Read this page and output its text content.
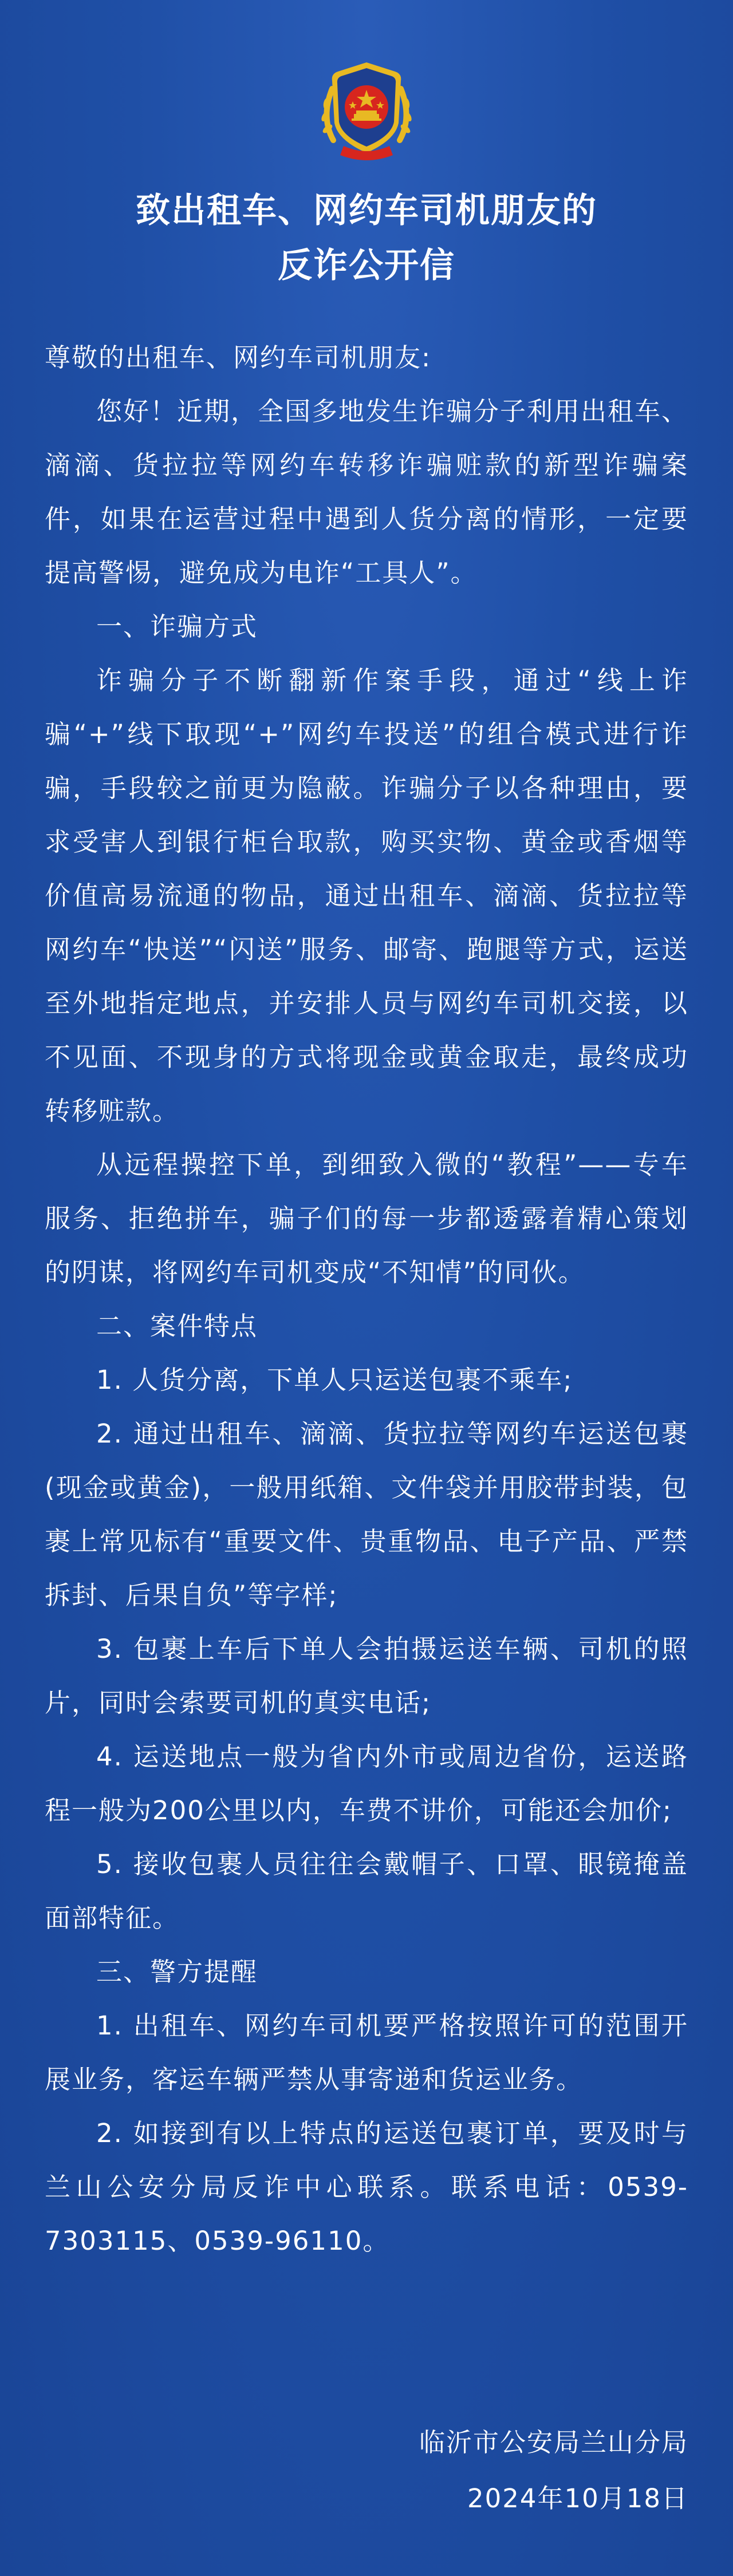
致出租车、网约车司机朋友的
反诈公开信

尊敬的出租车、网约车司机朋友:

您好！近期，全国多地发生诈骗分子利用出租车、滴滴、货拉拉等网约车转移诈骗赃款的新型诈骗案件，如果在运营过程中遇到人货分离的情形，一定要提高警惕，避免成为电诈“工具人”。

一、诈骗方式

诈骗分子不断翻新作案手段，通过“线上诈骗“+”线下取现“+”网约车投送”的组合模式进行诈骗，手段较之前更为隐蔽。诈骗分子以各种理由，要求受害人到银行柜台取款，购买实物、黄金或香烟等价值高易流通的物品，通过出租车、滴滴、货拉拉等网约车“快送”“闪送”服务、邮寄、跑腿等方式，运送至外地指定地点，并安排人员与网约车司机交接，以不见面、不现身的方式将现金或黄金取走，最终成功转移赃款。

从远程操控下单，到细致入微的“教程”——专车服务、拒绝拼车，骗子们的每一步都透露着精心策划的阴谋，将网约车司机变成“不知情”的同伙。

二、案件特点

1. 人货分离，下单人只运送包裹不乘车;

2. 通过出租车、滴滴、货拉拉等网约车运送包裹(现金或黄金)，一般用纸箱、文件袋并用胶带封装，包裹上常见标有“重要文件、贵重物品、电子产品、严禁拆封、后果自负”等字样;

3. 包裹上车后下单人会拍摄运送车辆、司机的照片，同时会索要司机的真实电话;

4. 运送地点一般为省内外市或周边省份，运送路程一般为200公里以内，车费不讲价，可能还会加价;

5. 接收包裹人员往往会戴帽子、口罩、眼镜掩盖面部特征。

三、警方提醒

1. 出租车、网约车司机要严格按照许可的范围开展业务，客运车辆严禁从事寄递和货运业务。

2. 如接到有以上特点的运送包裹订单，要及时与兰山公安分局反诈中心联系。联系电话：0539-7303115、0539-96110。

临沂市公安局兰山分局
2024年10月18日
